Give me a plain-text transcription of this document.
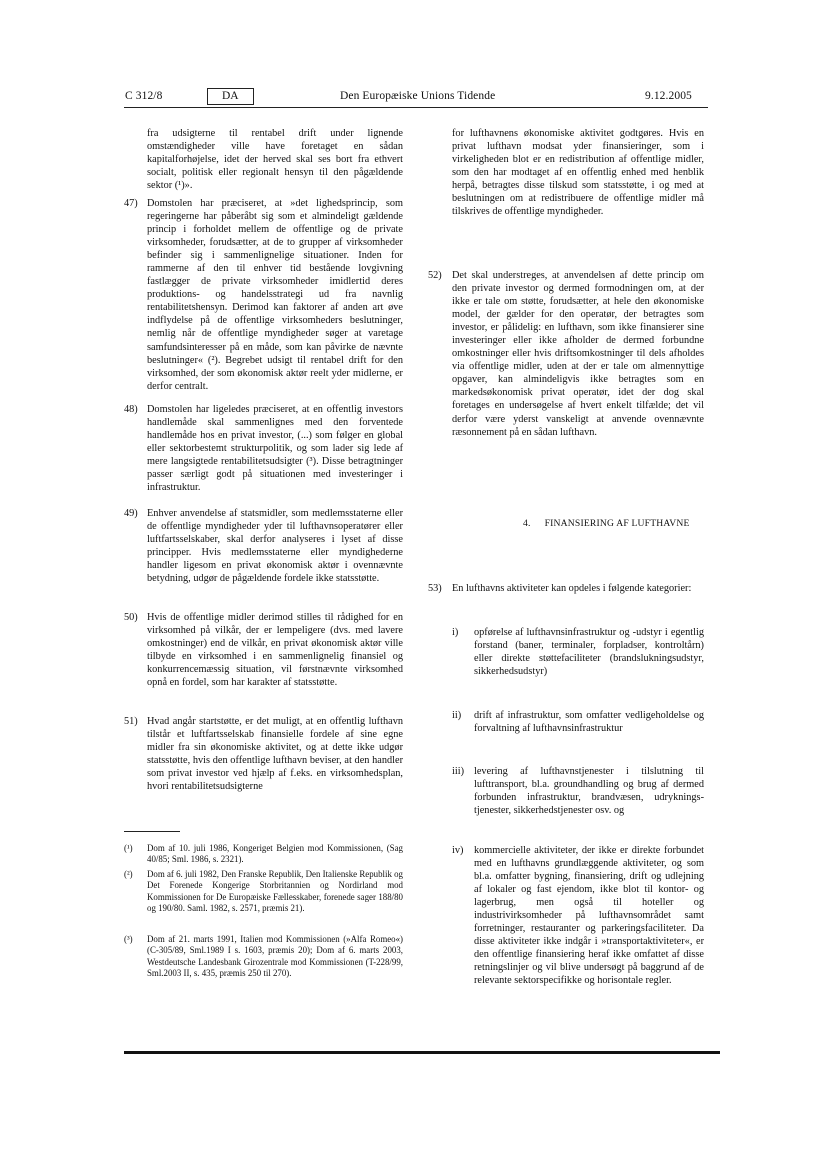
C 312/8	DA	Den Europæiske Unions Tidende	9.12.2005
fra udsigterne til rentabel drift under lignende omstændigheder ville have foretaget en sådan kapitalforhøjelse, idet der herved skal ses bort fra ethvert socialt, politisk eller regionalt hensyn til den pågældende sektor (¹)».
47) Domstolen har præciseret, at »det lighedsprincip, som regeringerne har påberåbt sig som et almindeligt gældende princip i forholdet mellem de offentlige og de private virksomheder, forudsætter, at de to grupper af virksomheder befinder sig i sammenlignelige situationer. Inden for rammerne af den til enhver tid bestående lovgivning fastlægger de private virksomheder imidlertid deres produktions- og handelsstrategi ud fra navnlig rentabilitetshensyn. Derimod kan faktorer af anden art øve indflydelse på de offentlige virksomheders beslutninger, nemlig når de offentlige myndigheder søger at varetage samfundsinteresser på en måde, som kan påvirke de nævnte beslutninger« (²). Begrebet udsigt til rentabel drift for den virksomhed, der som økonomisk aktør reelt yder midlerne, er derfor centralt.
48) Domstolen har ligeledes præciseret, at en offentlig investors handlemåde skal sammenlignes med den forventede handlemåde hos en privat investor, (...) som følger en global eller sektorbestemt strukturpolitik, og som lader sig lede af mere langsigtede rentabilitetsudsigter (³). Disse betragtninger passer særligt godt på situationen med investeringer i infrastruktur.
49) Enhver anvendelse af statsmidler, som medlemsstaterne eller de offentlige myndigheder yder til lufthavnsoperatører eller luftfartsselskaber, skal derfor analyseres i lyset af disse principper. Hvis medlemsstaterne eller myndighederne handler ligesom en privat økonomisk aktør i ovennævnte betydning, udgør de pågældende fordele ikke statsstøtte.
50) Hvis de offentlige midler derimod stilles til rådighed for en virksomhed på vilkår, der er lempeligere (dvs. med lavere omkostninger) end de vilkår, en privat økonomisk aktør ville tilbyde en virksomhed i en sammenlignelig finansiel og konkurrencemæssig situation, vil førstnævnte virksomhed opnå en fordel, som har karakter af statsstøtte.
51) Hvad angår startstøtte, er det muligt, at en offentlig lufthavn tilstår et luftfartsselskab finansielle fordele af sine egne midler fra sin økonomiske aktivitet, og at dette ikke udgør statsstøtte, hvis den offentlige lufthavn beviser, at den handler som privat investor ved hjælp af f.eks. en virksomhedsplan, hvori rentabilitetsudsigterne
(¹) Dom af 10. juli 1986, Kongeriget Belgien mod Kommissionen, (Sag 40/85; Sml. 1986, s. 2321).
(²) Dom af 6. juli 1982, Den Franske Republik, Den Italienske Republik og Det Forenede Kongerige Storbritannien og Nordirland mod Kommissionen for De Europæiske Fællesskaber, forenede sager 188/80 og 190/80. Saml. 1982, s. 2571, præmis 21).
(³) Dom af 21. marts 1991, Italien mod Kommissionen (»Alfa Romeo«) (C-305/89, Sml.1989 I s. 1603, præmis 20); Dom af 6. marts 2003, Westdeutsche Landesbank Girozentrale mod Kommissionen (T-228/99, Sml.2003 II, s. 435, præmis 250 til 270).
for lufthavnens økonomiske aktivitet godtgøres. Hvis en privat lufthavn modsat yder finansieringer, som i virkeligheden blot er en redistribution af offentlige midler, som den har modtaget af en offentlig enhed med henblik herpå, betragtes disse tilskud som statsstøtte, i og med at beslutningen om at redistribuere de offentlige midler må tilskrives de offentlige myndigheder.
52) Det skal understreges, at anvendelsen af dette princip om den private investor og dermed formodningen om, at der ikke er tale om støtte, forudsætter, at hele den økonomiske model, der gælder for den operatør, der betragtes som investor, er pålidelig: en lufthavn, som ikke finansierer sine investeringer eller ikke afholder de dermed forbundne omkostninger eller hvis driftsomkostninger til dels afholdes via offentlige midler, uden at der er tale om almennyttige opgaver, kan almindeligvis ikke betragtes som en markedsøkonomisk privat operatør, idet der dog skal foretages en undersøgelse af hvert enkelt tilfælde; det vil derfor være yderst vanskeligt at anvende ovennævnte ræsonnement på en sådan lufthavn.
4. FINANSIERING AF LUFTHAVNE
53) En lufthavns aktiviteter kan opdeles i følgende kategorier:
i) opførelse af lufthavnsinfrastruktur og -udstyr i egentlig forstand (baner, terminaler, forpladser, kontroltårn) eller direkte støttefaciliteter (brandslukningsudstyr, sikkerhedsudstyr)
ii) drift af infrastruktur, som omfatter vedligeholdelse og forvaltning af lufthavnsinfrastruktur
iii) levering af lufthavnstjenester i tilslutning til lufttransport, bl.a. groundhandling og brug af dermed forbunden infrastruktur, brandvæsen, udryknings-tjenester, sikkerhedstjenester osv. og
iv) kommercielle aktiviteter, der ikke er direkte forbundet med en lufthavns grundlæggende aktiviteter, og som bl.a. omfatter bygning, finansiering, drift og udlejning af lokaler og fast ejendom, ikke blot til kontor- og lagerbrug, men også til hoteller og industrivirksomheder på lufthavnsområdet samt forretninger, restauranter og parkeringsfaciliteter. Da disse aktiviteter ikke indgår i »transportaktiviteter«, er den offentlige finansiering heraf ikke omfattet af disse retningslinjer og vil blive undersøgt på baggrund af de relevante sektorspecifikke og horisontale regler.
